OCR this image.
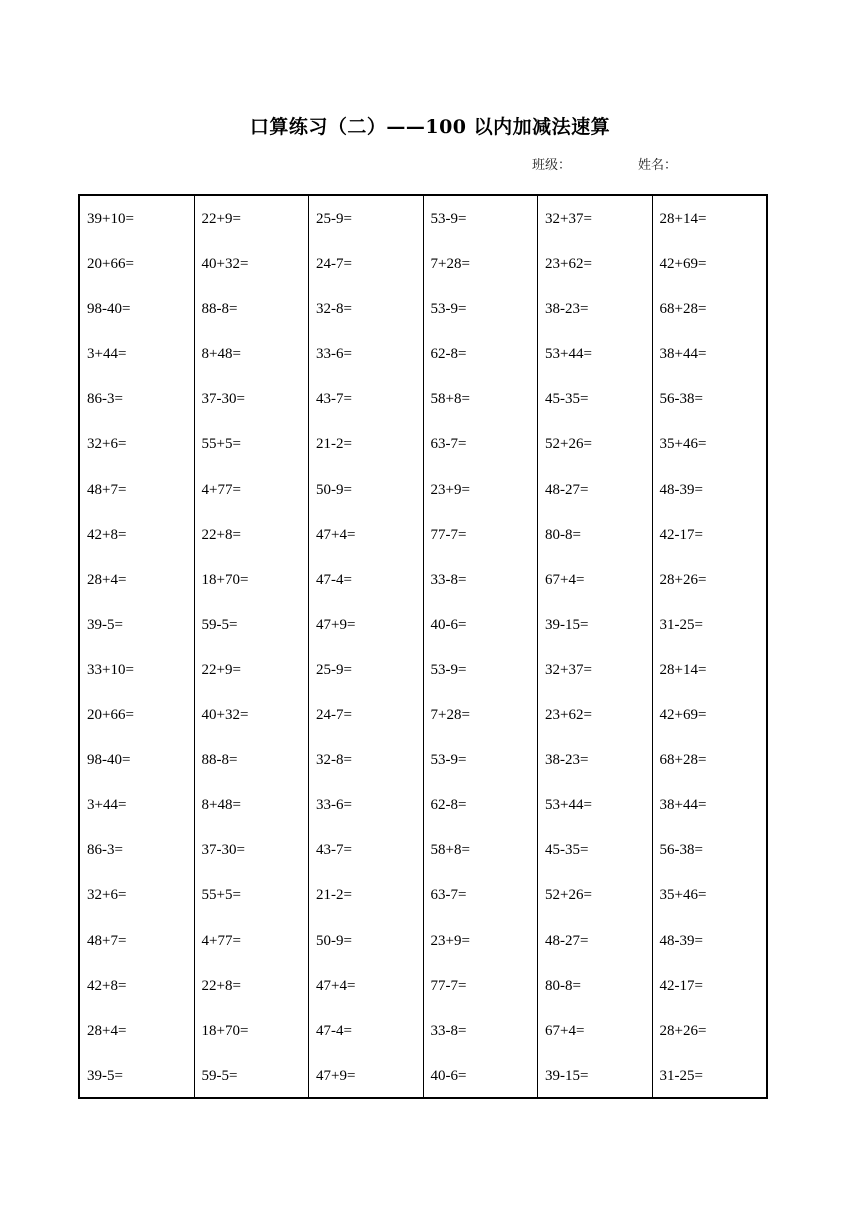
口算练习（二）——100 以内加减法速算
班级：	姓名：
39+10=
20+66=
98-40=
3+44=
86-3=
32+6=
48+7=
42+8=
28+4=
39-5=
33+10=
20+66=
98-40=
3+44=
86-3=
32+6=
48+7=
42+8=
28+4=
39-5=
22+9=
40+32=
88-8=
8+48=
37-30=
55+5=
4+77=
22+8=
18+70=
59-5=
22+9=
40+32=
88-8=
8+48=
37-30=
55+5=
4+77=
22+8=
18+70=
59-5=
25-9=
24-7=
32-8=
33-6=
43-7=
21-2=
50-9=
47+4=
47-4=
47+9=
25-9=
24-7=
32-8=
33-6=
43-7=
21-2=
50-9=
47+4=
47-4=
47+9=
53-9=
7+28=
53-9=
62-8=
58+8=
63-7=
23+9=
77-7=
33-8=
40-6=
53-9=
7+28=
53-9=
62-8=
58+8=
63-7=
23+9=
77-7=
33-8=
40-6=
32+37=
23+62=
38-23=
53+44=
45-35=
52+26=
48-27=
80-8=
67+4=
39-15=
32+37=
23+62=
38-23=
53+44=
45-35=
52+26=
48-27=
80-8=
67+4=
39-15=
28+14=
42+69=
68+28=
38+44=
56-38=
35+46=
48-39=
42-17=
28+26=
31-25=
28+14=
42+69=
68+28=
38+44=
56-38=
35+46=
48-39=
42-17=
28+26=
31-25=
